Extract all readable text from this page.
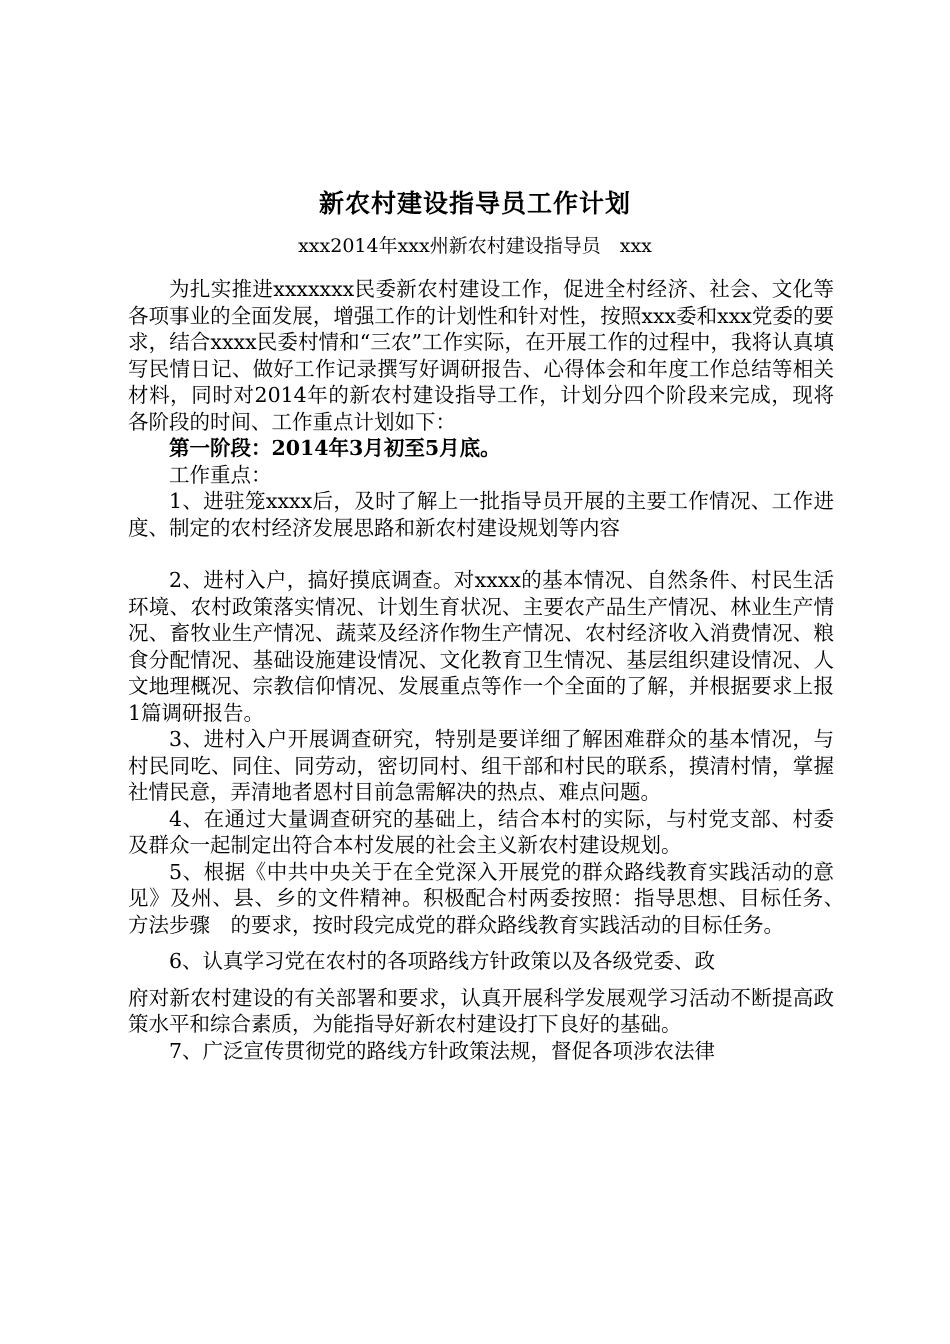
新农村建设指导员工作计划
xxx2014年xxx州新农村建设指导员　xxx

为扎实推进xxxxxxx民委新农村建设工作，促进全村经济、社会、文化等各项事业的全面发展，增强工作的计划性和针对性，按照xxx委和xxx党委的要求，结合xxxx民委村情和“三农”工作实际，在开展工作的过程中，我将认真填写民情日记、做好工作记录撰写好调研报告、心得体会和年度工作总结等相关材料，同时对2014年的新农村建设指导工作，计划分四个阶段来完成，现将各阶段的时间、工作重点计划如下：

第一阶段：2014年3月初至5月底。

工作重点：

1、进驻笼xxxx后，及时了解上一批指导员开展的主要工作情况、工作进度、制定的农村经济发展思路和新农村建设规划等内容

2、进村入户，搞好摸底调查。对xxxx的基本情况、自然条件、村民生活环境、农村政策落实情况、计划生育状况、主要农产品生产情况、林业生产情况、畜牧业生产情况、蔬菜及经济作物生产情况、农村经济收入消费情况、粮食分配情况、基础设施建设情况、文化教育卫生情况、基层组织建设情况、人文地理概况、宗教信仰情况、发展重点等作一个全面的了解，并根据要求上报1篇调研报告。

3、进村入户开展调查研究，特别是要详细了解困难群众的基本情况，与村民同吃、同住、同劳动，密切同村、组干部和村民的联系，摸清村情，掌握社情民意，弄清地者恩村目前急需解决的热点、难点问题。

4、在通过大量调查研究的基础上，结合本村的实际，与村党支部、村委及群众一起制定出符合本村发展的社会主义新农村建设规划。

5、根据《中共中央关于在全党深入开展党的群众路线教育实践活动的意见》及州、县、乡的文件精神。积极配合村两委按照：指导思想、目标任务、　方法步骤　的要求，按时段完成党的群众路线教育实践活动的目标任务。

6、认真学习党在农村的各项路线方针政策以及各级党委、政

府对新农村建设的有关部署和要求，认真开展科学发展观学习活动不断提高政策水平和综合素质，为能指导好新农村建设打下良好的基础。

7、广泛宣传贯彻党的路线方针政策法规，督促各项涉农法律
